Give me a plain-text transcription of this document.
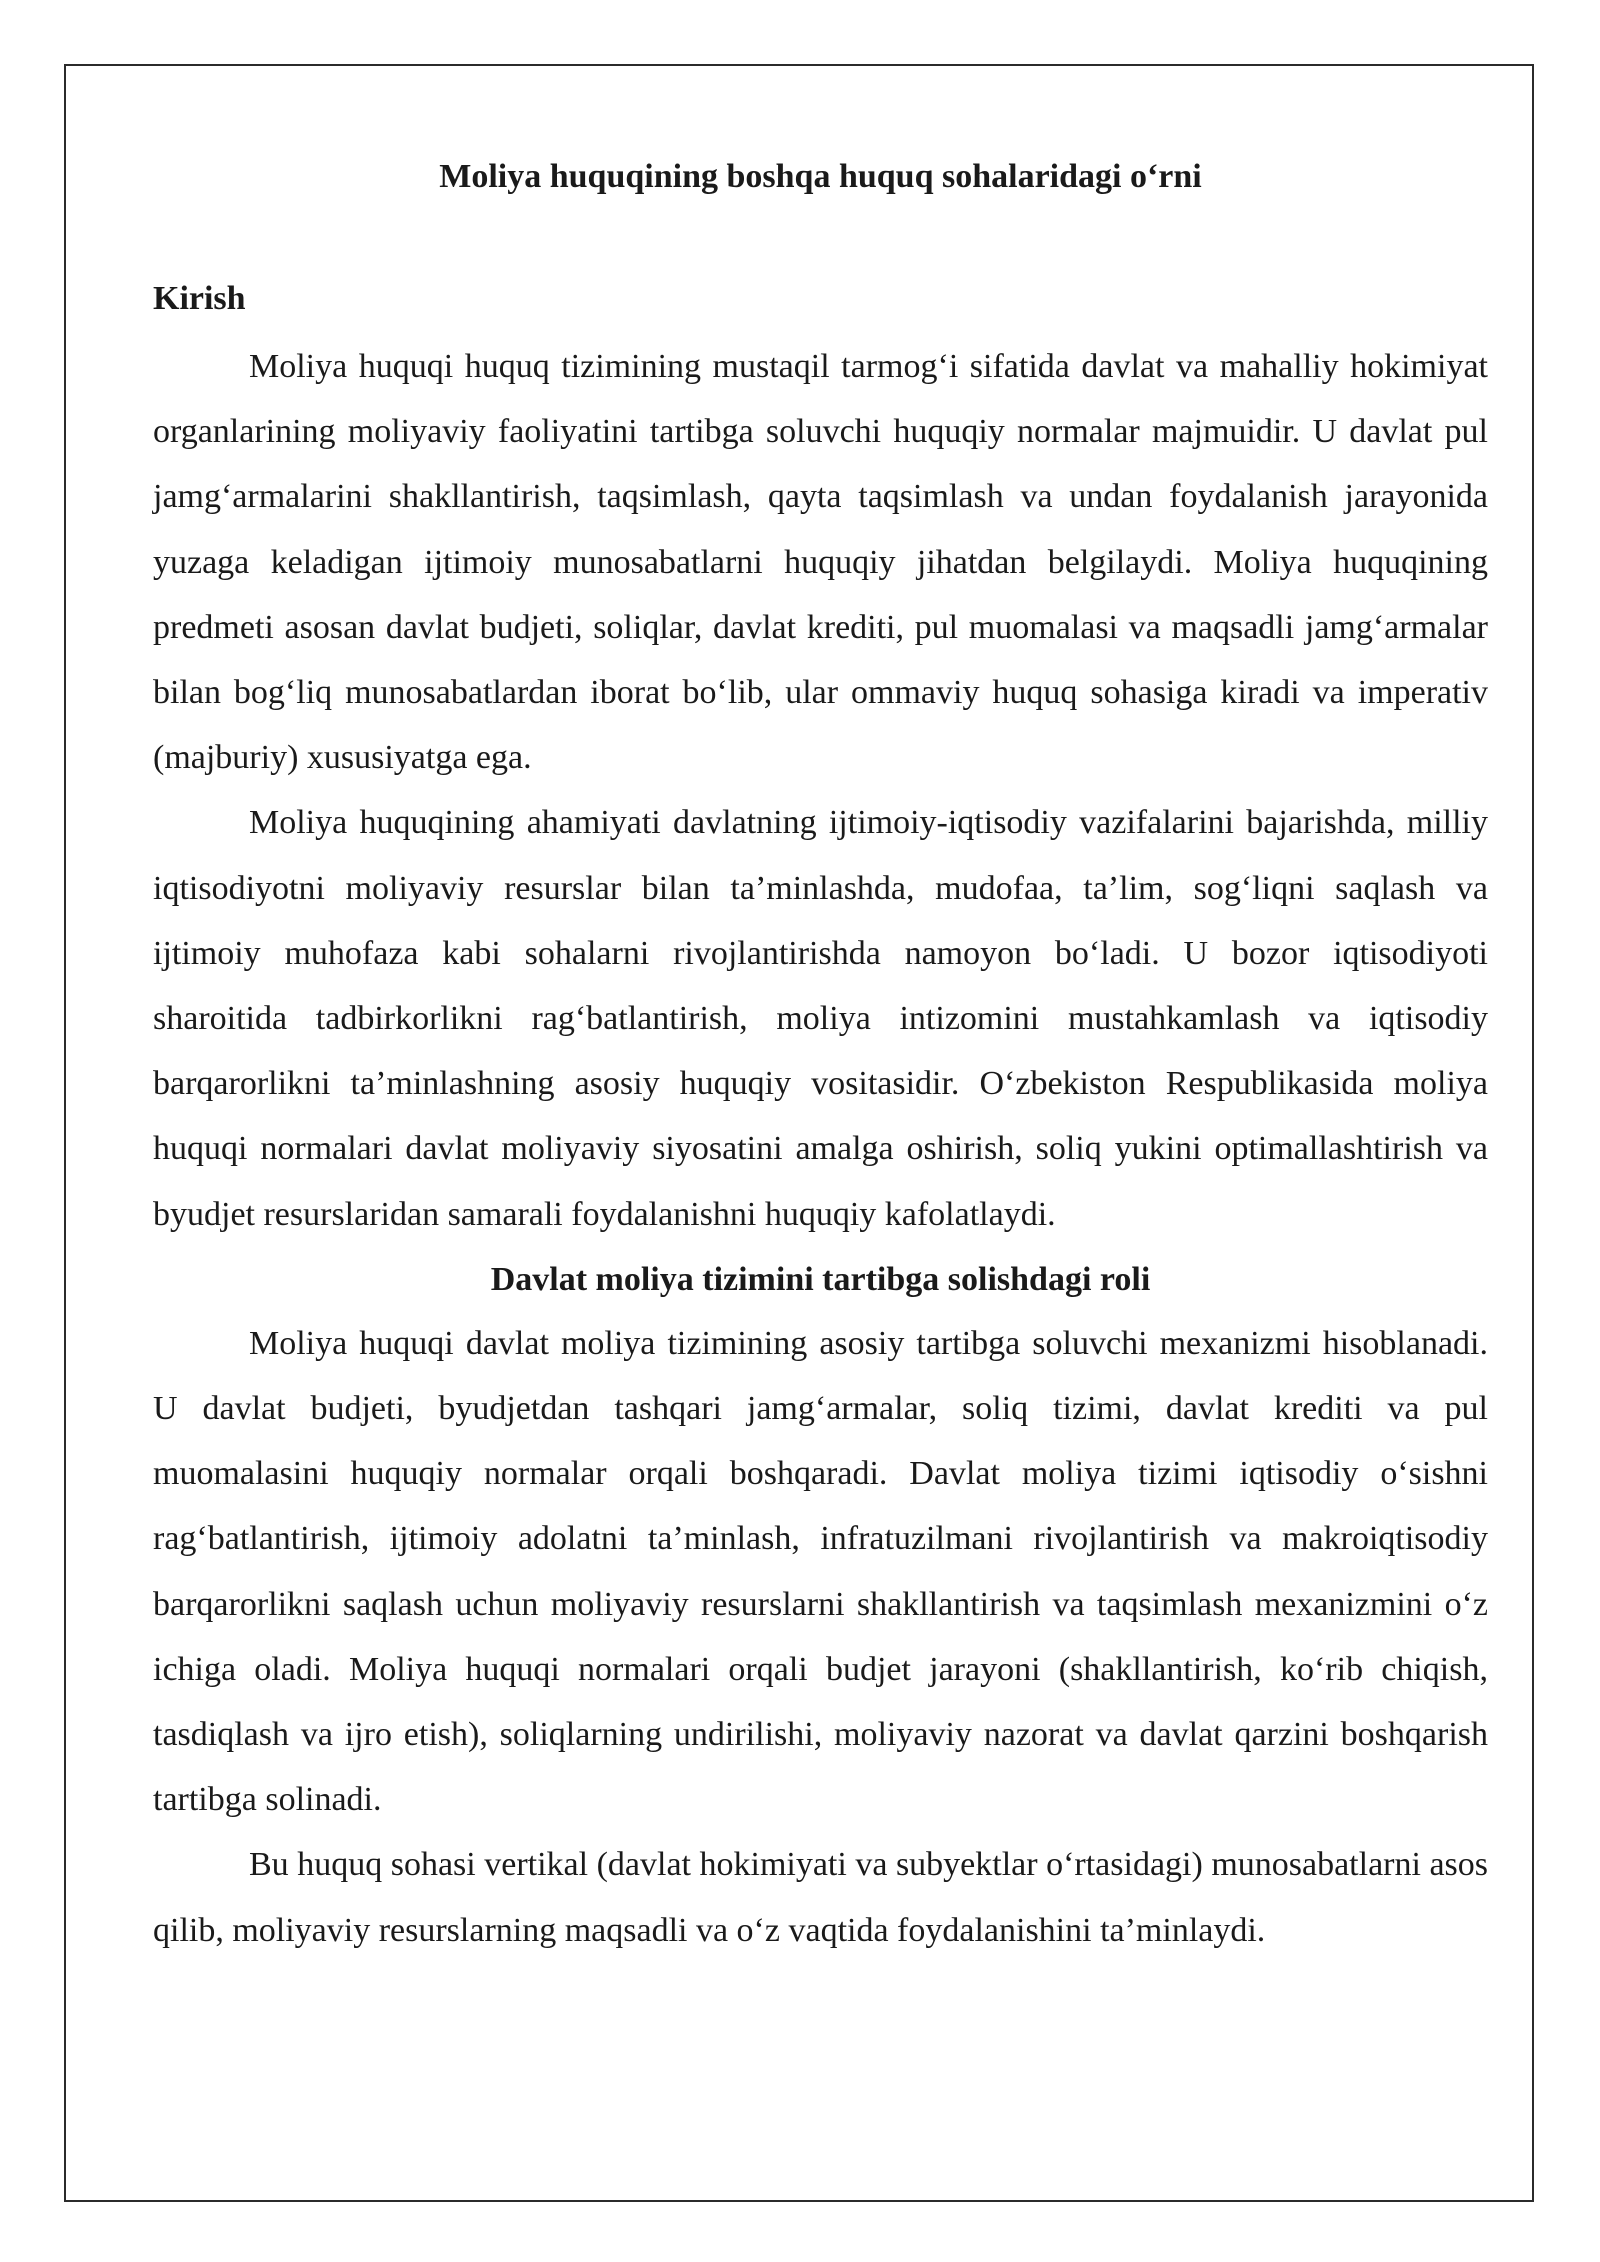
Moliya huquqining boshqa huquq sohalaridagi o‘rni
Kirish

Moliya huquqi huquq tizimining mustaqil tarmog‘i sifatida davlat va mahalliy hokimiyat organlarining moliyaviy faoliyatini tartibga soluvchi huquqiy normalar majmuidir. U davlat pul jamg‘armalarini shakllantirish, taqsimlash, qayta taqsimlash va undan foydalanish jarayonida yuzaga keladigan ijtimoiy munosabatlarni huquqiy jihatdan belgilaydi. Moliya huquqining predmeti asosan davlat budjeti, soliqlar, davlat krediti, pul muomalasi va maqsadli jamg‘armalar bilan bog‘liq munosabatlardan iborat bo‘lib, ular ommaviy huquq sohasiga kiradi va imperativ (majburiy) xususiyatga ega.

Moliya huquqining ahamiyati davlatning ijtimoiy-iqtisodiy vazifalarini bajarishda, milliy iqtisodiyotni moliyaviy resurslar bilan ta’minlashda, mudofaa, ta’lim, sog‘liqni saqlash va ijtimoiy muhofaza kabi sohalarni rivojlantirishda namoyon bo‘ladi. U bozor iqtisodiyoti sharoitida tadbirkorlikni rag‘batlantirish, moliya intizomini mustahkamlash va iqtisodiy barqarorlikni ta’minlashning asosiy huquqiy vositasidir. O‘zbekiston Respublikasida moliya huquqi normalari davlat moliyaviy siyosatini amalga oshirish, soliq yukini optimallashtirish va byudjet resurslaridan samarali foydalanishni huquqiy kafolatlaydi.

Davlat moliya tizimini tartibga solishdagi roli

Moliya huquqi davlat moliya tizimining asosiy tartibga soluvchi mexanizmi hisoblanadi. U davlat budjeti, byudjetdan tashqari jamg‘armalar, soliq tizimi, davlat krediti va pul muomalasini huquqiy normalar orqali boshqaradi. Davlat moliya tizimi iqtisodiy o‘sishni rag‘batlantirish, ijtimoiy adolatni ta’minlash, infratuzilmani rivojlantirish va makroiqtisodiy barqarorlikni saqlash uchun moliyaviy resurslarni shakllantirish va taqsimlash mexanizmini o‘z ichiga oladi. Moliya huquqi normalari orqali budjet jarayoni (shakllantirish, ko‘rib chiqish, tasdiqlash va ijro etish), soliqlarning undirilishi, moliyaviy nazorat va davlat qarzini boshqarish tartibga solinadi.

Bu huquq sohasi vertikal (davlat hokimiyati va subyektlar o‘rtasidagi) munosabatlarni asos qilib, moliyaviy resurslarning maqsadli va o‘z vaqtida foydalanishini ta’minlaydi.
